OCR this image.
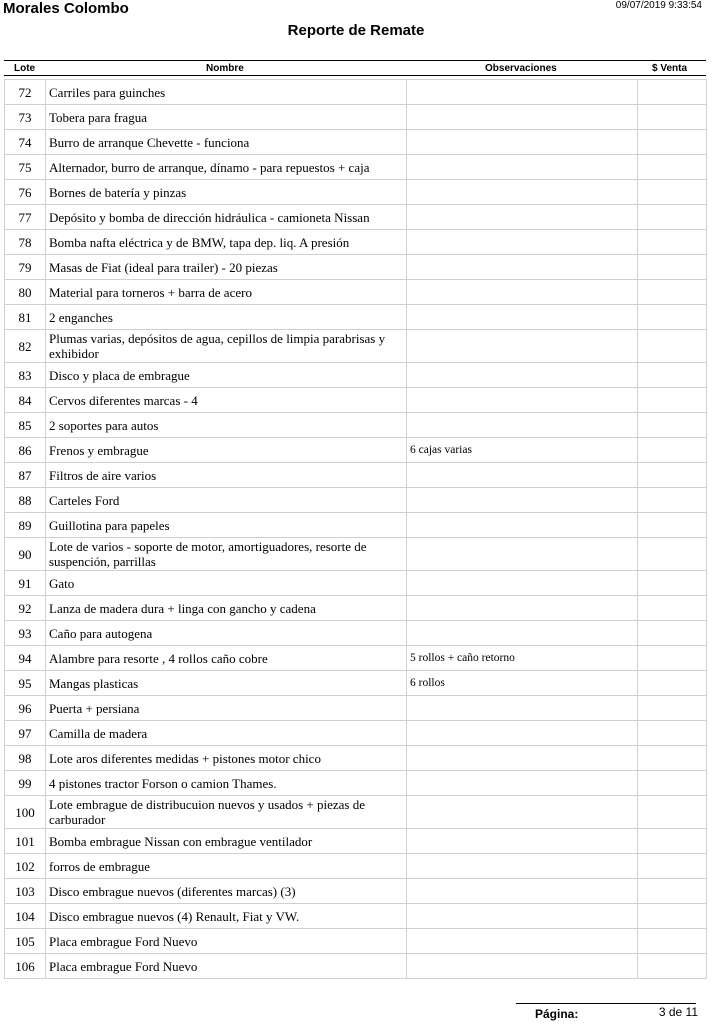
Morales Colombo	09/07/2019 9:33:54
Reporte de Remate
Lote	Nombre	Observaciones	$ Venta
72	Carriles para guinches		
73	Tobera para fragua		
74	Burro de arranque Chevette - funciona		
75	Alternador, burro de arranque, dínamo - para repuestos + caja		
76	Bornes de batería y pinzas		
77	Depósito y bomba de dirección hidráulica - camioneta Nissan		
78	Bomba nafta eléctrica y de BMW, tapa dep. liq. A presión		
79	Masas de Fiat (ideal para trailer) - 20 piezas		
80	Material para torneros + barra de acero		
81	2 enganches		
82	Plumas varias, depósitos de agua, cepillos de limpia parabrisas y exhibidor		
83	Disco y placa de embrague		
84	Cervos diferentes marcas - 4		
85	2 soportes para autos		
86	Frenos y embrague	6 cajas varias	
87	Filtros de aire varios		
88	Carteles Ford		
89	Guillotina para papeles		
90	Lote de varios - soporte de motor, amortiguadores, resorte de suspención, parrillas		
91	Gato		
92	Lanza de madera dura + linga con gancho y cadena		
93	Caño para autogena		
94	Alambre para resorte , 4 rollos caño cobre	5 rollos + caño retorno	
95	Mangas plasticas	6 rollos	
96	Puerta + persiana		
97	Camilla de madera		
98	Lote aros diferentes medidas + pistones motor chico		
99	4 pistones tractor Forson o camion Thames.		
100	Lote embrague de distribucuion nuevos y usados + piezas de carburador		
101	Bomba embrague Nissan con embrague ventilador		
102	forros de embrague		
103	Disco embrague nuevos (diferentes marcas) (3)		
104	Disco embrague nuevos (4) Renault, Fiat y VW.		
105	Placa embrague Ford Nuevo		
106	Placa embrague Ford Nuevo		
Página:	3 de 11
